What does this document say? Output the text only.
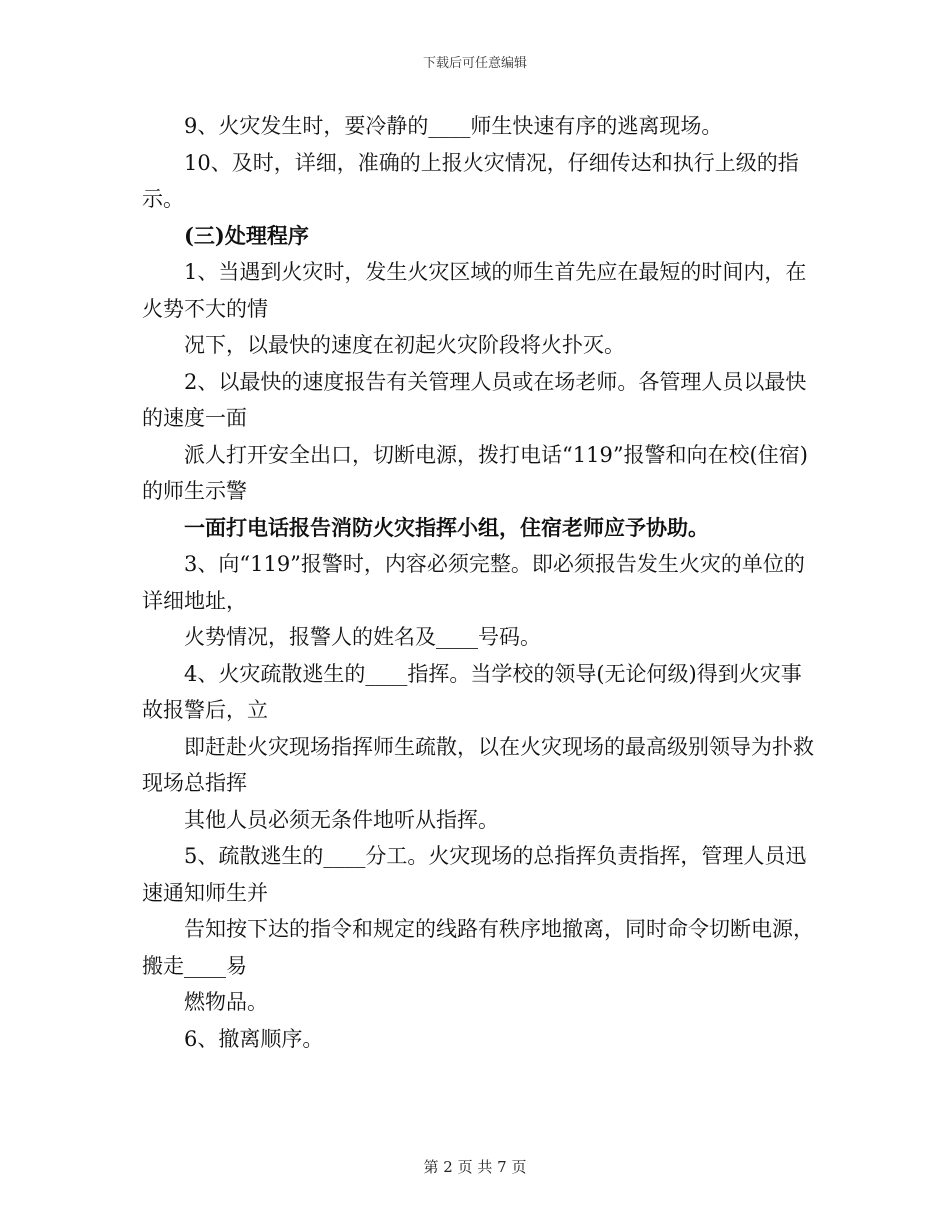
下载后可任意编辑

9、火灾发生时，要冷静的____师生快速有序的逃离现场。

10、及时，详细，准确的上报火灾情况，仔细传达和执行上级的指示。

(三)处理程序

1、当遇到火灾时，发生火灾区域的师生首先应在最短的时间内，在火势不大的情

况下，以最快的速度在初起火灾阶段将火扑灭。

2、以最快的速度报告有关管理人员或在场老师。各管理人员以最快的速度一面

派人打开安全出口，切断电源，拨打电话“119”报警和向在校(住宿)的师生示警

一面打电话报告消防火灾指挥小组，住宿老师应予协助。

3、向“119”报警时，内容必须完整。即必须报告发生火灾的单位的详细地址，

火势情况，报警人的姓名及____号码。

4、火灾疏散逃生的____指挥。当学校的领导(无论何级)得到火灾事故报警后，立

即赶赴火灾现场指挥师生疏散，以在火灾现场的最高级别领导为扑救现场总指挥

其他人员必须无条件地听从指挥。

5、疏散逃生的____分工。火灾现场的总指挥负责指挥，管理人员迅速通知师生并

告知按下达的指令和规定的线路有秩序地撤离，同时命令切断电源，搬走____易

燃物品。

6、撤离顺序。

第 2 页 共 7 页
